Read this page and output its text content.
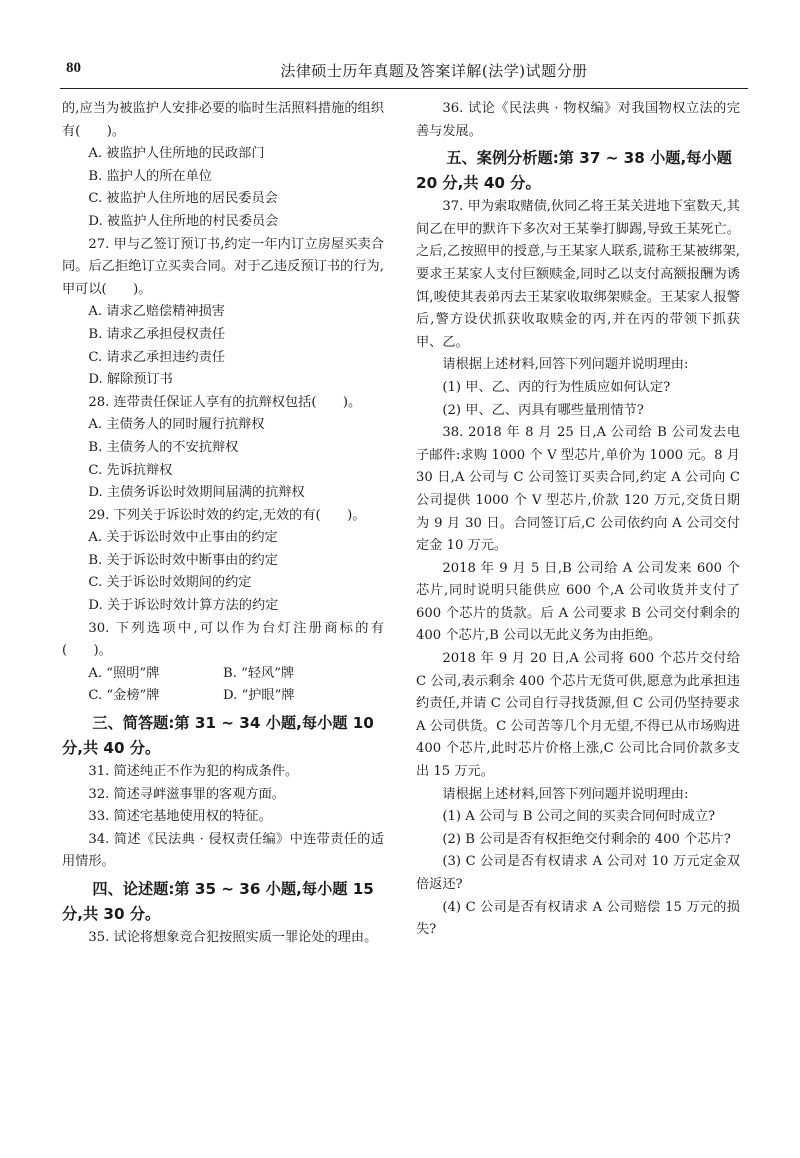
80	法律硕士历年真题及答案详解(法学)试题分册

的,应当为被监护人安排必要的临时生活照料措施的组织有(　　)。

A. 被监护人住所地的民政部门

B. 监护人的所在单位

C. 被监护人住所地的居民委员会

D. 被监护人住所地的村民委员会

27. 甲与乙签订预订书,约定一年内订立房屋买卖合同。后乙拒绝订立买卖合同。对于乙违反预订书的行为,甲可以(　　)。

A. 请求乙赔偿精神损害

B. 请求乙承担侵权责任

C. 请求乙承担违约责任

D. 解除预订书

28. 连带责任保证人享有的抗辩权包括(　　)。

A. 主债务人的同时履行抗辩权

B. 主债务人的不安抗辩权

C. 先诉抗辩权

D. 主债务诉讼时效期间届满的抗辩权

29. 下列关于诉讼时效的约定,无效的有(　　)。

A. 关于诉讼时效中止事由的约定

B. 关于诉讼时效中断事由的约定

C. 关于诉讼时效期间的约定

D. 关于诉讼时效计算方法的约定

30. 下列选项中,可以作为台灯注册商标的有(　　)。

A. “照明”牌	B. “轻风”牌
C. “金榜”牌	D. “护眼”牌

三、简答题:第 31 ~ 34 小题,每小题 10 分,共 40 分。

31. 简述纯正不作为犯的构成条件。

32. 简述寻衅滋事罪的客观方面。

33. 简述宅基地使用权的特征。

34. 简述《民法典 · 侵权责任编》中连带责任的适用情形。

四、论述题:第 35 ~ 36 小题,每小题 15 分,共 30 分。

35. 试论将想象竞合犯按照实质一罪论处的理由。

36. 试论《民法典 · 物权编》对我国物权立法的完善与发展。

五、案例分析题:第 37 ~ 38 小题,每小题 20 分,共 40 分。

37. 甲为索取赌债,伙同乙将王某关进地下室数天,其间乙在甲的默许下多次对王某拳打脚踢,导致王某死亡。之后,乙按照甲的授意,与王某家人联系,谎称王某被绑架,要求王某家人支付巨额赎金,同时乙以支付高额报酬为诱饵,唆使其表弟丙去王某家收取绑架赎金。王某家人报警后,警方设伏抓获收取赎金的丙,并在丙的带领下抓获甲、乙。

请根据上述材料,回答下列问题并说明理由:

(1) 甲、乙、丙的行为性质应如何认定?

(2) 甲、乙、丙具有哪些量刑情节?

38. 2018 年 8 月 25 日,A 公司给 B 公司发去电子邮件:求购 1000 个 V 型芯片,单价为 1000 元。8 月 30 日,A 公司与 C 公司签订买卖合同,约定 A 公司向 C 公司提供 1000 个 V 型芯片,价款 120 万元,交货日期为 9 月 30 日。合同签订后,C 公司依约向 A 公司交付定金 10 万元。

2018 年 9 月 5 日,B 公司给 A 公司发来 600 个芯片,同时说明只能供应 600 个,A 公司收货并支付了 600 个芯片的货款。后 A 公司要求 B 公司交付剩余的 400 个芯片,B 公司以无此义务为由拒绝。

2018 年 9 月 20 日,A 公司将 600 个芯片交付给 C 公司,表示剩余 400 个芯片无货可供,愿意为此承担违约责任,并请 C 公司自行寻找货源,但 C 公司仍坚持要求 A 公司供货。C 公司苦等几个月无望,不得已从市场购进 400 个芯片,此时芯片价格上涨,C 公司比合同价款多支出 15 万元。

请根据上述材料,回答下列问题并说明理由:

(1) A 公司与 B 公司之间的买卖合同何时成立?

(2) B 公司是否有权拒绝交付剩余的 400 个芯片?

(3) C 公司是否有权请求 A 公司对 10 万元定金双倍返还?

(4) C 公司是否有权请求 A 公司赔偿 15 万元的损失?
